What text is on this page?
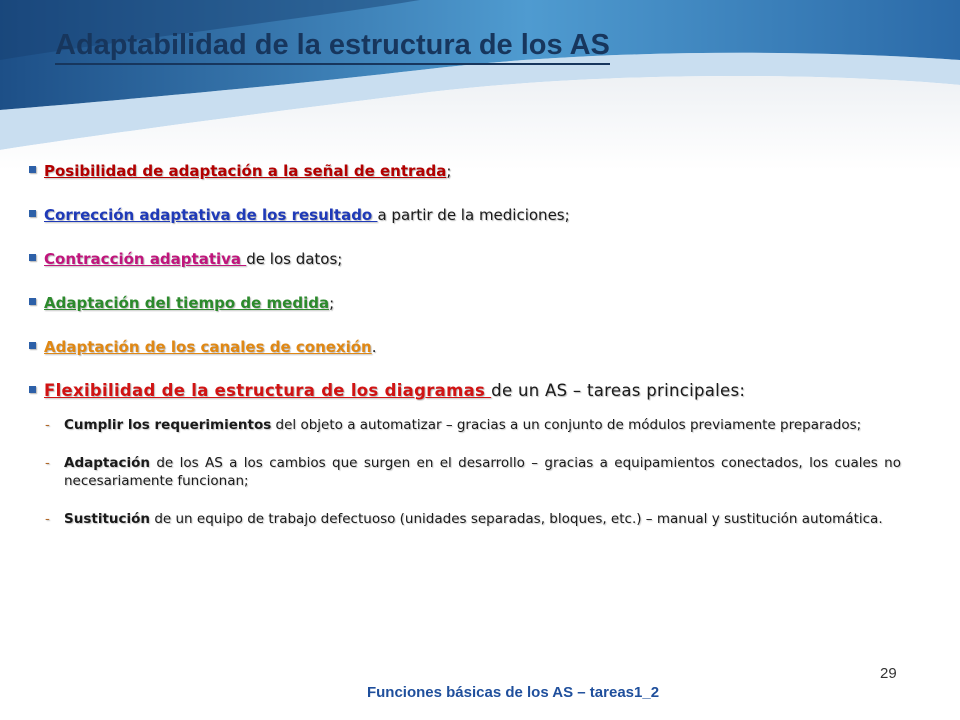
Adaptabilidad de la estructura de los AS
Posibilidad de adaptación a la señal de entrada;
Corrección adaptativa de los resultado a partir de la mediciones;
Contracción adaptativa de los datos;
Adaptación del tiempo de medida;
Adaptación de los canales de conexión.
Flexibilidad de la estructura de los diagramas de un AS – tareas principales:
- Cumplir los requerimientos del objeto a automatizar – gracias a un conjunto de módulos previamente preparados;
- Adaptación de los AS a los cambios que surgen en el desarrollo – gracias a equipamientos conectados, los cuales no necesariamente funcionan;
- Sustitución de un equipo de trabajo defectuoso (unidades separadas, bloques, etc.) – manual y sustitución automática.
29
Funciones básicas de los AS – tareas1_2
